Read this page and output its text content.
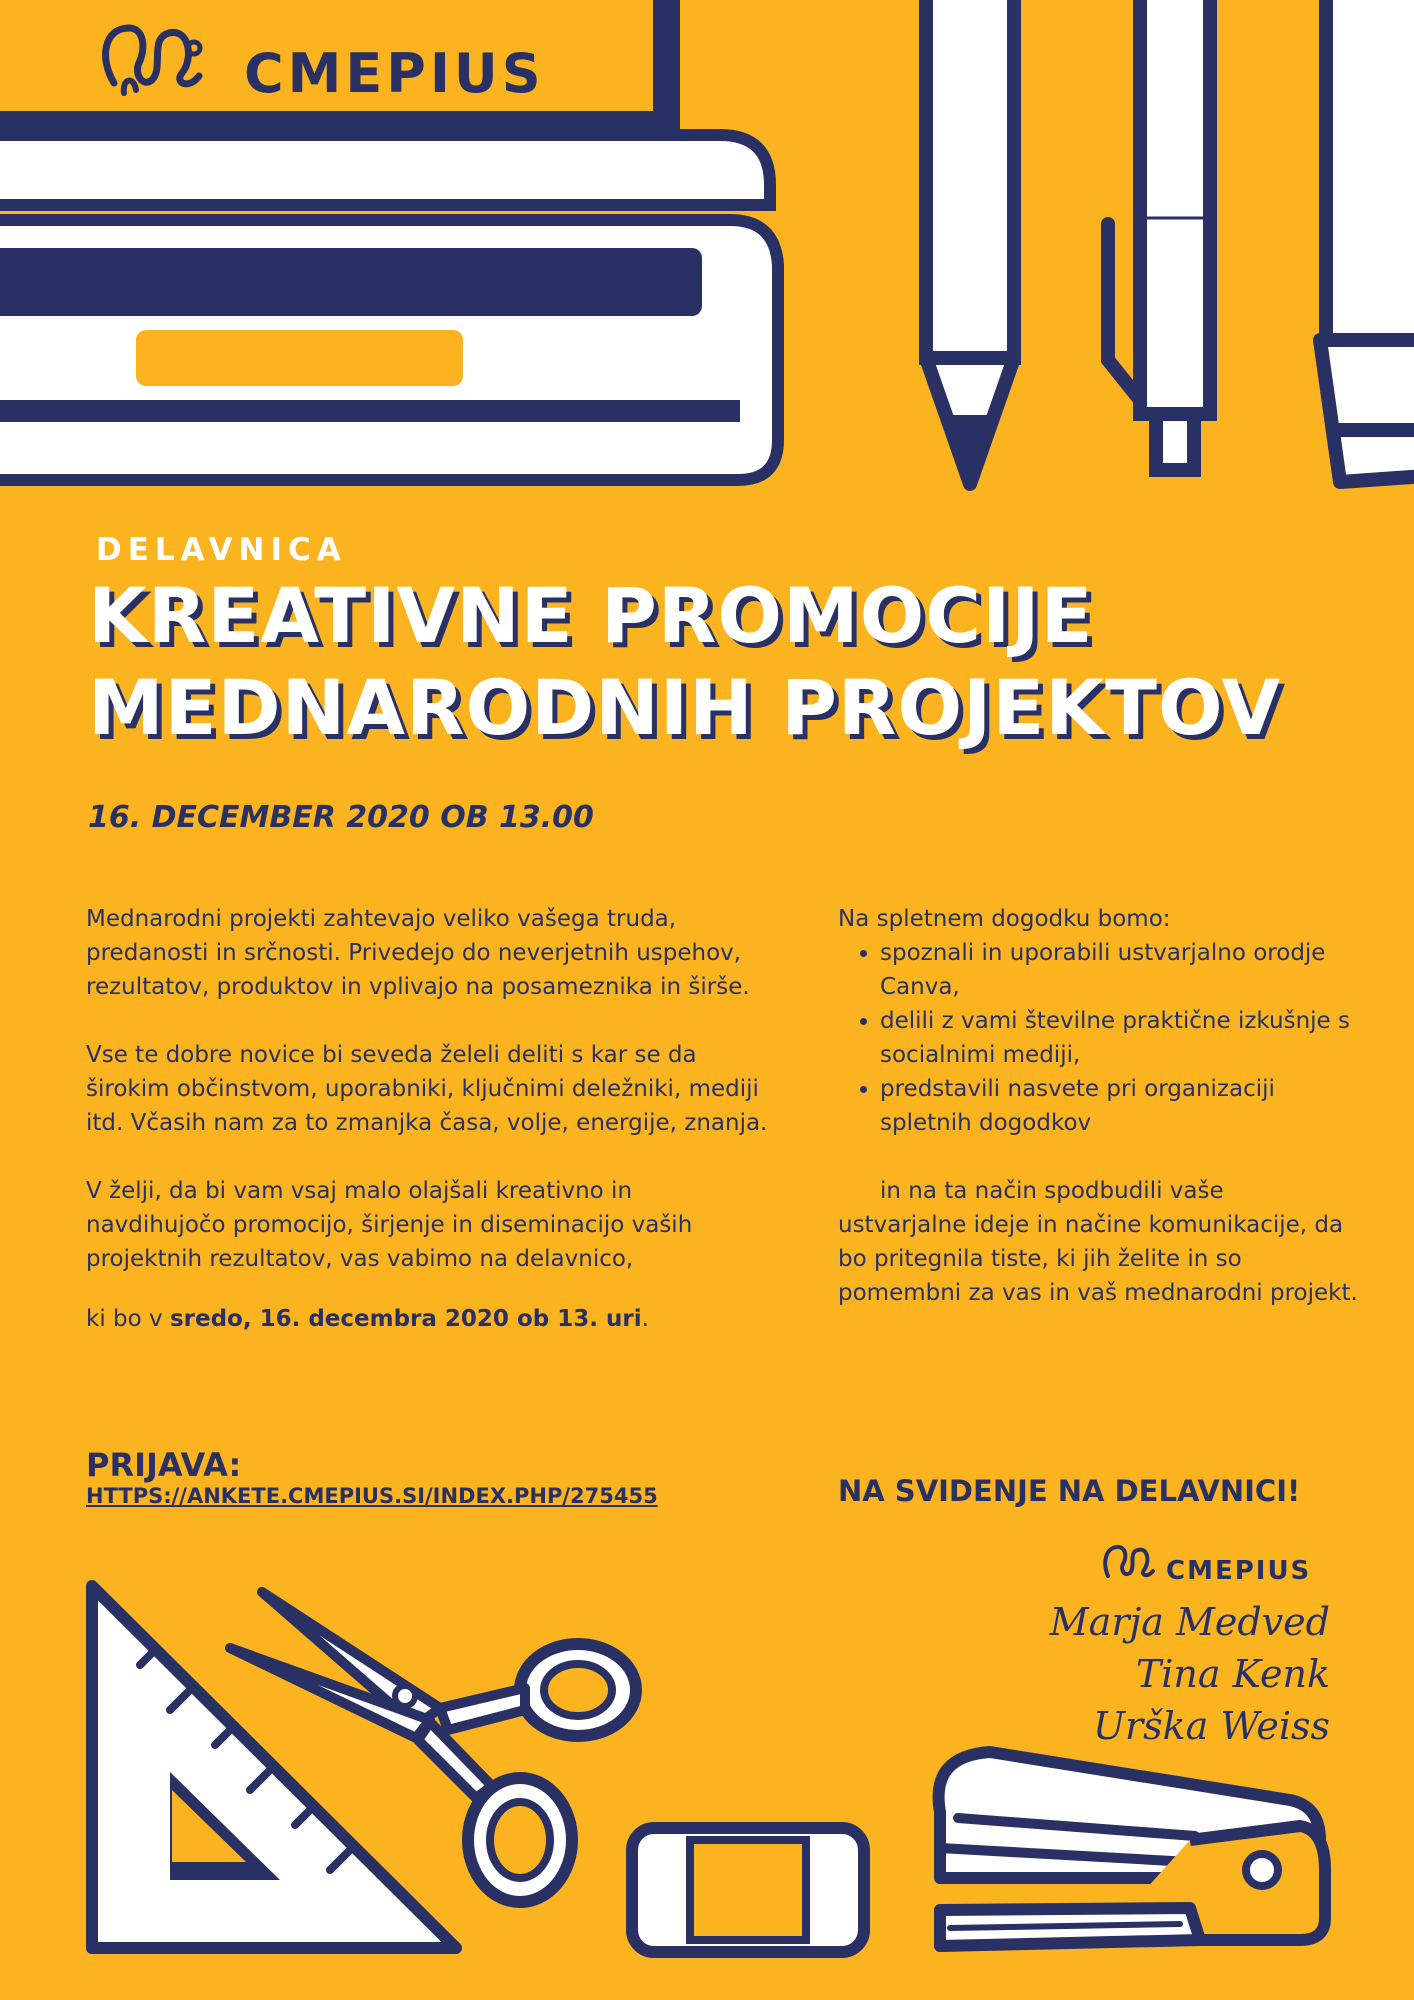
CMEPIUS
DELAVNICA
KREATIVNE PROMOCIJE
MEDNARODNIH PROJEKTOV
16. DECEMBER 2020 OB 13.00

Mednarodni projekti zahtevajo veliko vašega truda, predanosti in srčnosti. Privedejo do neverjetnih uspehov, rezultatov, produktov in vplivajo na posameznika in širše.

Vse te dobre novice bi seveda želeli deliti s kar se da širokim občinstvom, uporabniki, ključnimi deležniki, mediji itd. Včasih nam za to zmanjka časa, volje, energije, znanja.

V želji, da bi vam vsaj malo olajšali kreativno in navdihujočo promocijo, širjenje in diseminacijo vaših projektnih rezultatov, vas vabimo na delavnico,

ki bo v sredo, 16. decembra 2020 ob 13. uri.

Na spletnem dogodku bomo:
• spoznali in uporabili ustvarjalno orodje Canva,
• delili z vami številne praktične izkušnje s socialnimi mediji,
• predstavili nasvete pri organizaciji spletnih dogodkov
in na ta način spodbudili vaše ustvarjalne ideje in načine komunikacije, da bo pritegnila tiste, ki jih želite in so pomembni za vas in vaš mednarodni projekt.
PRIJAVA:
HTTPS://ANKETE.CMEPIUS.SI/INDEX.PHP/275455	NA SVIDENJE NA DELAVNICI!
CMEPIUS
Marja Medved
Tina Kenk
Urška Weiss
